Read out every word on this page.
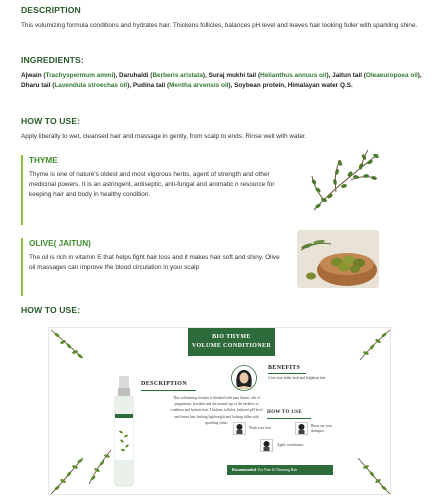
DESCRIPTION
This volumizing formula conditions and hydrates hair. Thickens follicles, balances pH level and leaves hair looking fuller with sparkling shine.
INGREDIENTS:
Ajwain (Trachyspermum ammi), Daruhaldi (Berberis aristata), Suraj mukhi tail (Helianthus annuus oil), Jaitun tail (Oleaeuropoea oil), Dharu tail (Lavendula stroechas oil), Pudina tail (Mentha arvensis oil), Soybean protein, Himalayan water Q.S.
HOW TO USE:
Apply liberally to wet, cleansed hair and massage in gently, from scalp to ends. Rinse well with water.
THYME
Thyme is one of nature's oldest and most vigorous herbs, agent of strength and other medicinal powers. It is an astringent, antiseptic, anti-fungal and aromatic n resource for keeping hair and body in healthy condition.
OLIVE( JAITUN)
The oil is rich in vitamin E that helps fight hair loss and it makes hair soft and shiny. Olive oil massages can improve the blood circulation in your scalp
HOW TO USE:
BIO THYME
VOLUME CONDITIONER
DESCRIPTION
This volumizing formula is blended with pure thyme, oils of peppermint, lavender and the natural sap of the berberis to condition and hydrate hair. Thickens follicles, balances pH level and leaves hair looking lightweight and looking fuller with sparkling shine.
BENEFITS
Gives hair fuller look and brightens hair
HOW TO USE
Wash your hair.	Rinse out your shampoo.
Apply conditioner.
Recommended: For Fine & Thinning Hair
